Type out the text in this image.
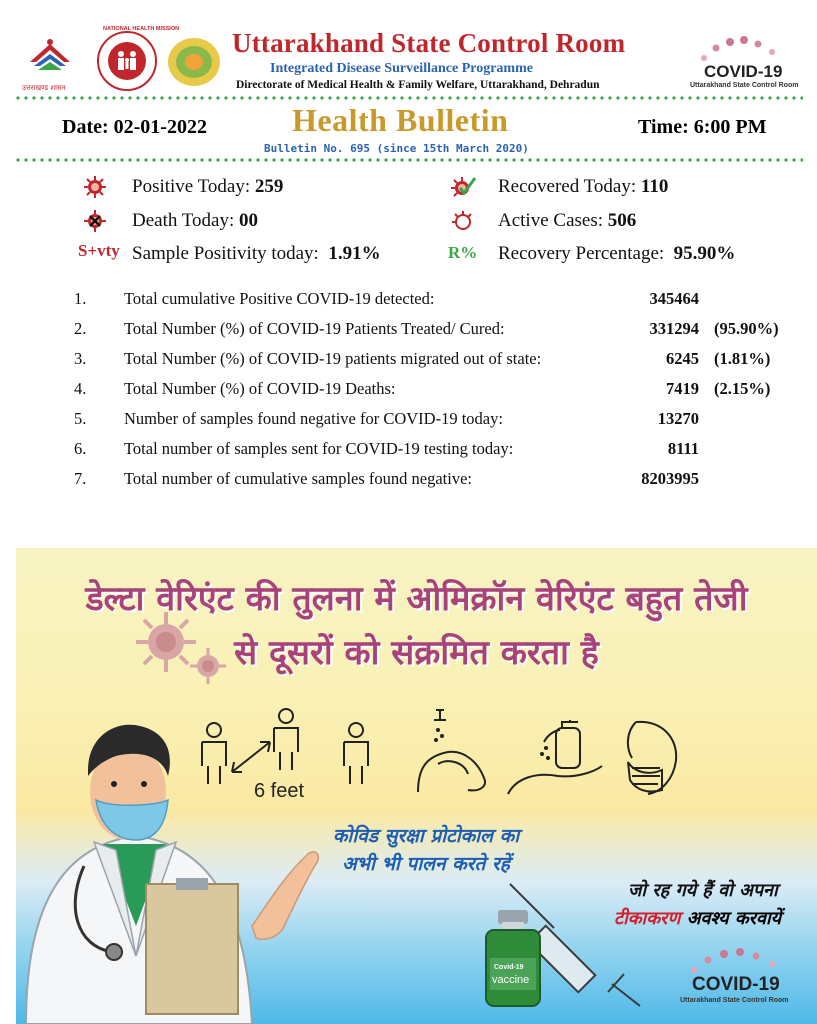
उत्तराखण्ड शासन
NATIONAL HEALTH MISSION Uttarakhand State Control Room
Integrated Disease Surveillance Programme
Directorate of Medical Health & Family Welfare, Uttarakhand, Dehradun
COVID-19
Uttarakhand State Control Room
Date: 02-01-2022	Health Bulletin	Time: 6:00 PM
Bulletin No. 695 (since 15th March 2020)
Positive Today: 259	Recovered Today: 110
Death Today: 00	Active Cases: 506
S+vty Sample Positivity today: 1.91%	R% Recovery Percentage: 95.90%
1. Total cumulative Positive COVID-19 detected:	345464
2. Total Number (%) of COVID-19 Patients Treated/ Cured:	331294 (95.90%)
3. Total Number (%) of COVID-19 patients migrated out of state:	6245 (1.81%)
4. Total Number (%) of COVID-19 Deaths:	7419 (2.15%)
5. Number of samples found negative for COVID-19 today:	13270
6. Total number of samples sent for COVID-19 testing today:	8111
7. Total number of cumulative samples found negative:	8203995
डेल्टा वेरिएंट की तुलना में ओमिक्रॉन वेरिएंट बहुत तेजी
से दूसरों को संक्रमित करता है
6 feet
कोविड सुरक्षा प्रोटोकाल का
अभी भी पालन करते रहें
Covid-19
vaccine
जो रह गये हैं वो अपना
टीकाकरण अवश्य करवायें
COVID-19
Uttarakhand State Control Room
